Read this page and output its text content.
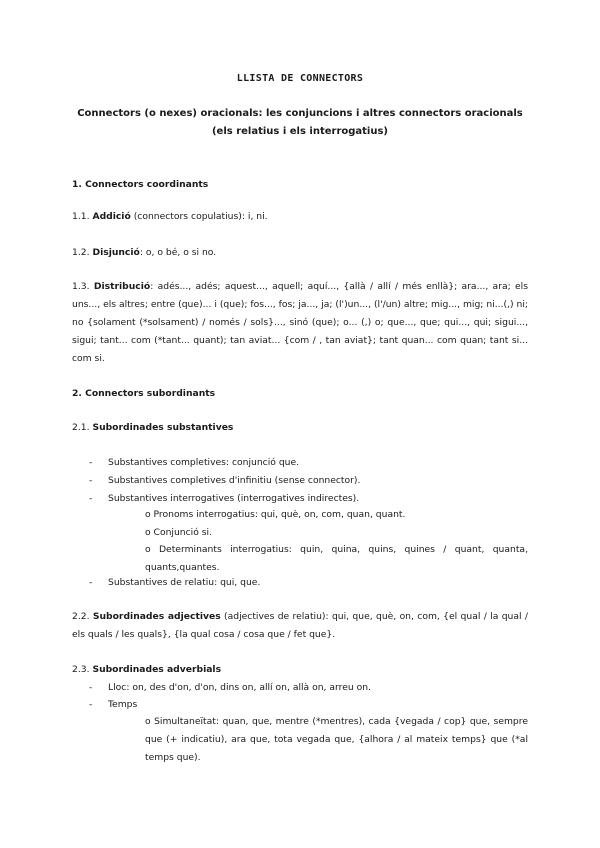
LLISTA DE CONNECTORS
Connectors (o nexes) oracionals: les conjuncions i altres connectors oracionals (els relatius i els interrogatius)
1. Connectors coordinants
1.1. Addició (connectors copulatius): i, ni.
1.2. Disjunció: o, o bé, o si no.
1.3. Distribució: adés..., adés; aquest..., aquell; aquí..., {allà / allí / més enllà}; ara..., ara; els uns..., els altres; entre (que)... i (que); fos..., fos; ja..., ja; (l')un..., (l'/un) altre; mig..., mig; ni...(,) ni; no {solament (*solsament) / només / sols}..., sinó (que); o... (,) o; que..., que; qui..., qui; sigui..., sigui; tant... com (*tant... quant); tan aviat... {com / , tan aviat}; tant quan... com quan; tant si... com si.
2. Connectors subordinants
2.1. Subordinades substantives
- Substantives completives: conjunció que.
- Substantives completives d'infinitiu (sense connector).
- Substantives interrogatives (interrogatives indirectes).
o Pronoms interrogatius: qui, què, on, com, quan, quant.
o Conjunció si.
o Determinants interrogatius: quin, quina, quins, quines / quant, quanta, quants,quantes.
- Substantives de relatiu: qui, que.
2.2. Subordinades adjectives (adjectives de relatiu): qui, que, què, on, com, {el qual / la qual / els quals / les quals}, {la qual cosa / cosa que / fet que}.
2.3. Subordinades adverbials
- Lloc: on, des d'on, d'on, dins on, allí on, allà on, arreu on.
- Temps
o Simultaneïtat: quan, que, mentre (*mentres), cada {vegada / cop} que, sempre que (+ indicatiu), ara que, tota vegada que, {alhora / al mateix temps} que (*al temps que).
